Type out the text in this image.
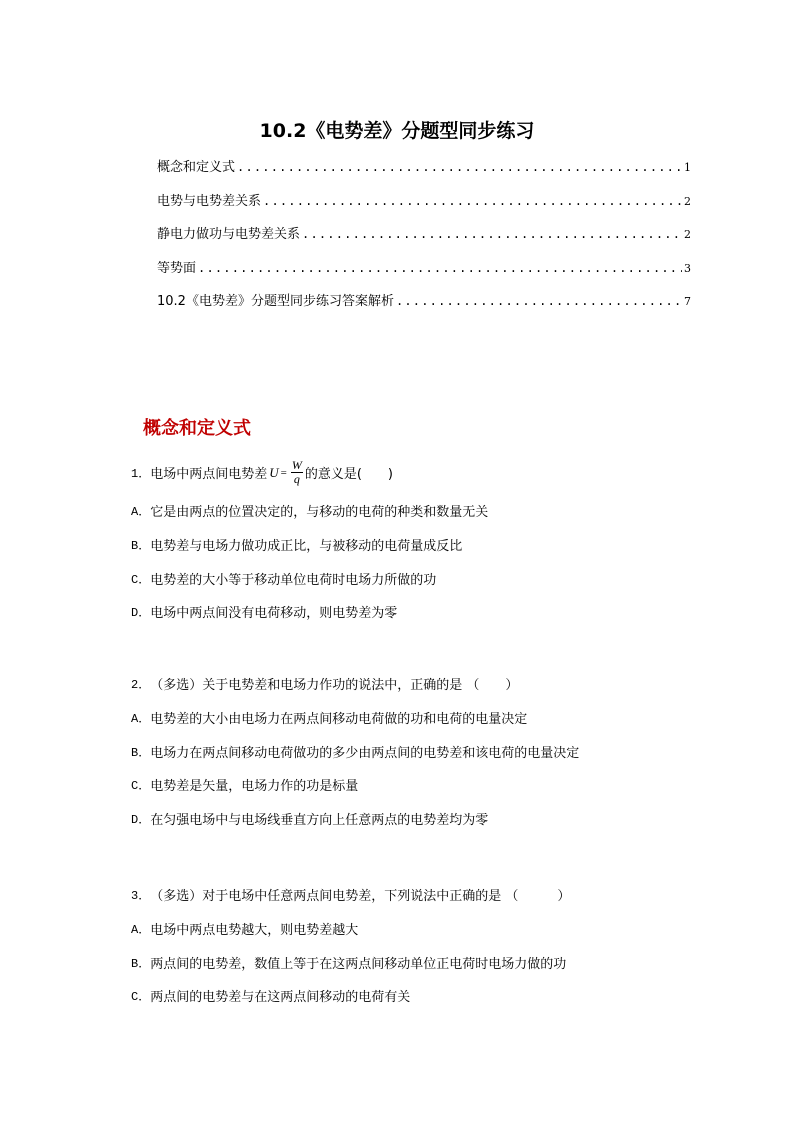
10.2《电势差》分题型同步练习
概念和定义式 .....	1
电势与电势差关系 .....	2
静电力做功与电势差关系 .....	2
等势面 .....	3
10.2《电势差》分题型同步练习答案解析 .....	7
概念和定义式
1． 电场中两点间电势差 $U = \frac{W}{q}$ 的意义是(　　)
A． 它是由两点的位置决定的，与移动的电荷的种类和数量无关
B． 电势差与电场力做功成正比，与被移动的电荷量成反比
C． 电势差的大小等于移动单位电荷时电场力所做的功
D． 电场中两点间没有电荷移动，则电势差为零
2． （多选）关于电势差和电场力作功的说法中，正确的是 （　　）
A． 电势差的大小由电场力在两点间移动电荷做的功和电荷的电量决定
B． 电场力在两点间移动电荷做功的多少由两点间的电势差和该电荷的电量决定
C． 电势差是矢量，电场力作的功是标量
D． 在匀强电场中与电场线垂直方向上任意两点的电势差均为零
3． （多选）对于电场中任意两点间电势差，下列说法中正确的是 （　　　）
A． 电场中两点电势越大，则电势差越大
B． 两点间的电势差，数值上等于在这两点间移动单位正电荷时电场力做的功
C． 两点间的电势差与在这两点间移动的电荷有关
